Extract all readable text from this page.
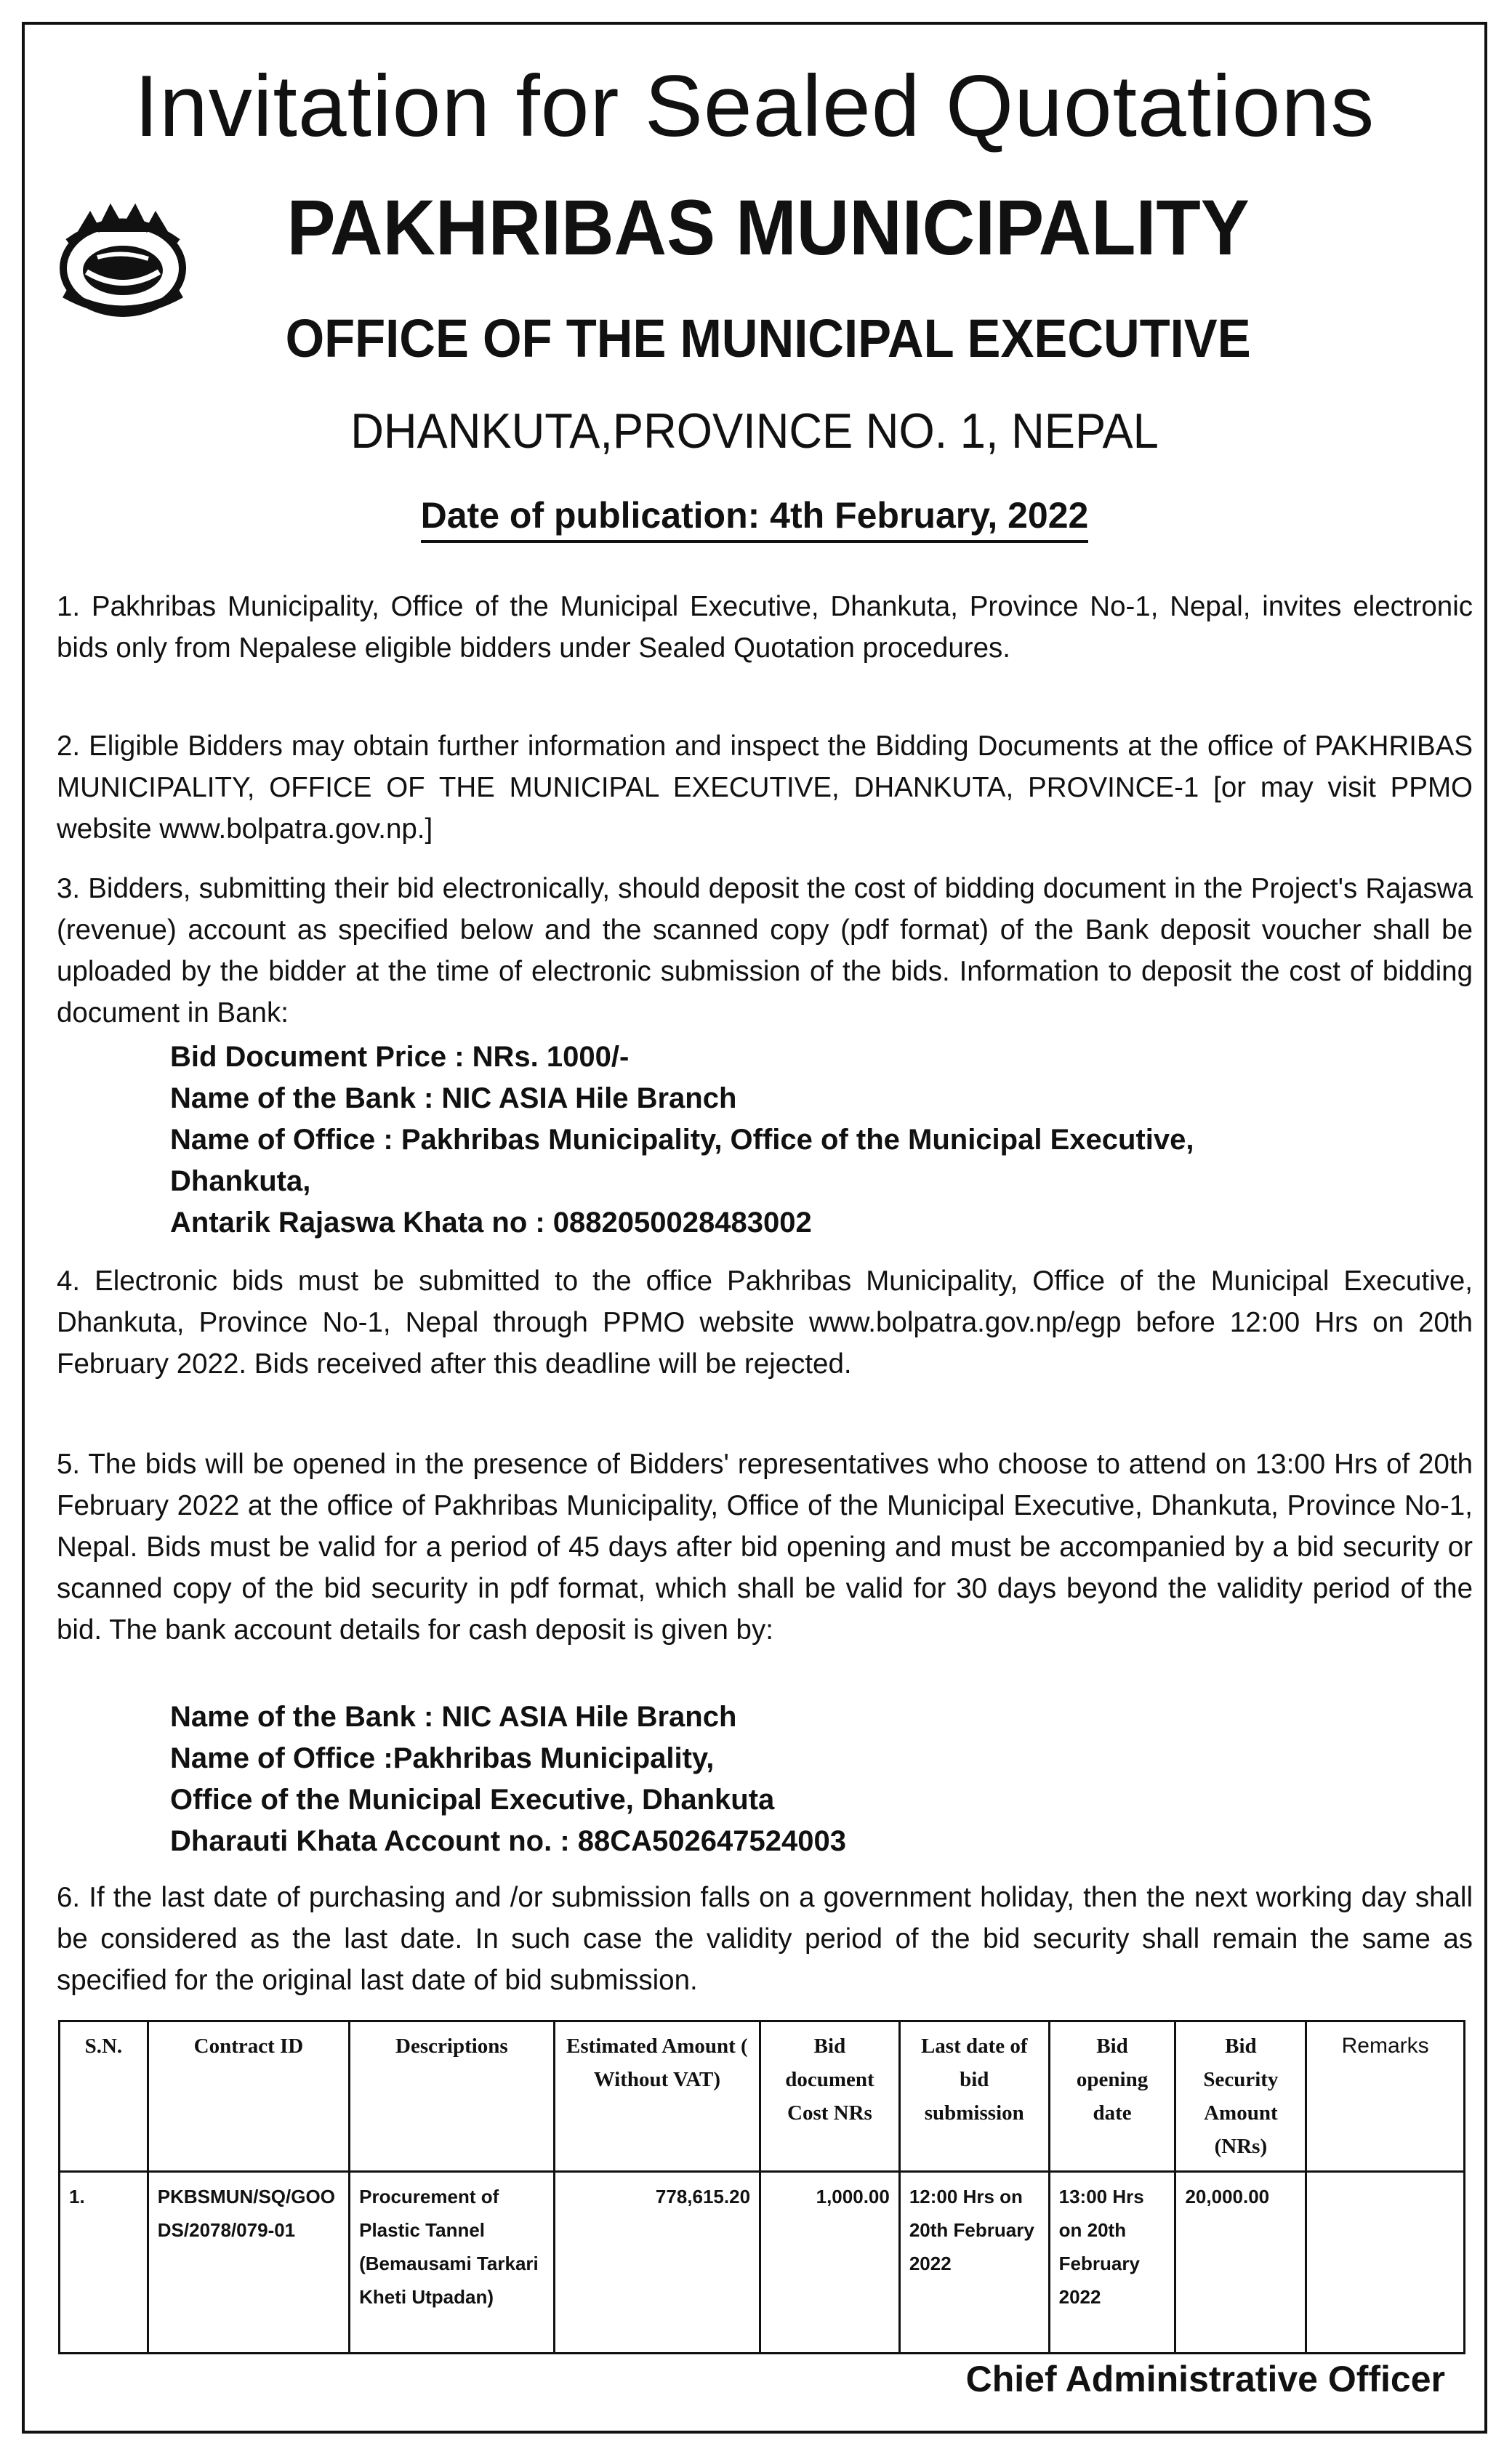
Invitation for Sealed Quotations
PAKHRIBAS MUNICIPALITY
OFFICE OF THE MUNICIPAL EXECUTIVE
DHANKUTA,PROVINCE NO. 1, NEPAL
Date of publication: 4th February, 2022
1. Pakhribas Municipality, Office of the Municipal Executive, Dhankuta, Province No-1, Nepal, invites electronic bids only from Nepalese eligible bidders under Sealed Quotation procedures.
2. Eligible Bidders may obtain further information and inspect the Bidding Documents at the office of PAKHRIBAS MUNICIPALITY, OFFICE OF THE MUNICIPAL EXECUTIVE, DHANKUTA, PROVINCE-1 [or may visit PPMO website www.bolpatra.gov.np.]
3. Bidders, submitting their bid electronically, should deposit the cost of bidding document in the Project's Rajaswa (revenue) account as specified below and the scanned copy (pdf format) of the Bank deposit voucher shall be uploaded by the bidder at the time of electronic submission of the bids. Information to deposit the cost of bidding document in Bank:
Bid Document Price : NRs. 1000/-
Name of the Bank : NIC ASIA Hile Branch
Name of Office : Pakhribas Municipality, Office of the Municipal Executive,
Dhankuta,
Antarik Rajaswa Khata no : 0882050028483002
4. Electronic bids must be submitted to the office Pakhribas Municipality, Office of the Municipal Executive, Dhankuta, Province No-1, Nepal through PPMO website www.bolpatra.gov.np/egp before 12:00 Hrs on 20th February 2022. Bids received after this deadline will be rejected.
5. The bids will be opened in the presence of Bidders' representatives who choose to attend on 13:00 Hrs of 20th February 2022 at the office of Pakhribas Municipality, Office of the Municipal Executive, Dhankuta, Province No-1, Nepal. Bids must be valid for a period of 45 days after bid opening and must be accompanied by a bid security or scanned copy of the bid security in pdf format, which shall be valid for 30 days beyond the validity period of the bid. The bank account details for cash deposit is given by:
Name of the Bank : NIC ASIA Hile Branch
Name of Office :Pakhribas Municipality,
Office of the Municipal Executive, Dhankuta
Dharauti Khata Account no. : 88CA502647524003
6. If the last date of purchasing and /or submission falls on a government holiday, then the next working day shall be considered as the last date. In such case the validity period of the bid security shall remain the same as specified for the original last date of bid submission.
S.N.	Contract ID	Descriptions	Estimated Amount ( Without VAT)	Bid document Cost NRs	Last date of bid submission	Bid opening date	Bid Security Amount (NRs)	Remarks
1.	PKBSMUN/SQ/GOODS/2078/079-01	Procurement of Plastic Tannel (Bemausami Tarkari Kheti Utpadan)	778,615.20	1,000.00	12:00 Hrs on 20th February 2022	13:00 Hrs on 20th February 2022	20,000.00	
Chief Administrative Officer
